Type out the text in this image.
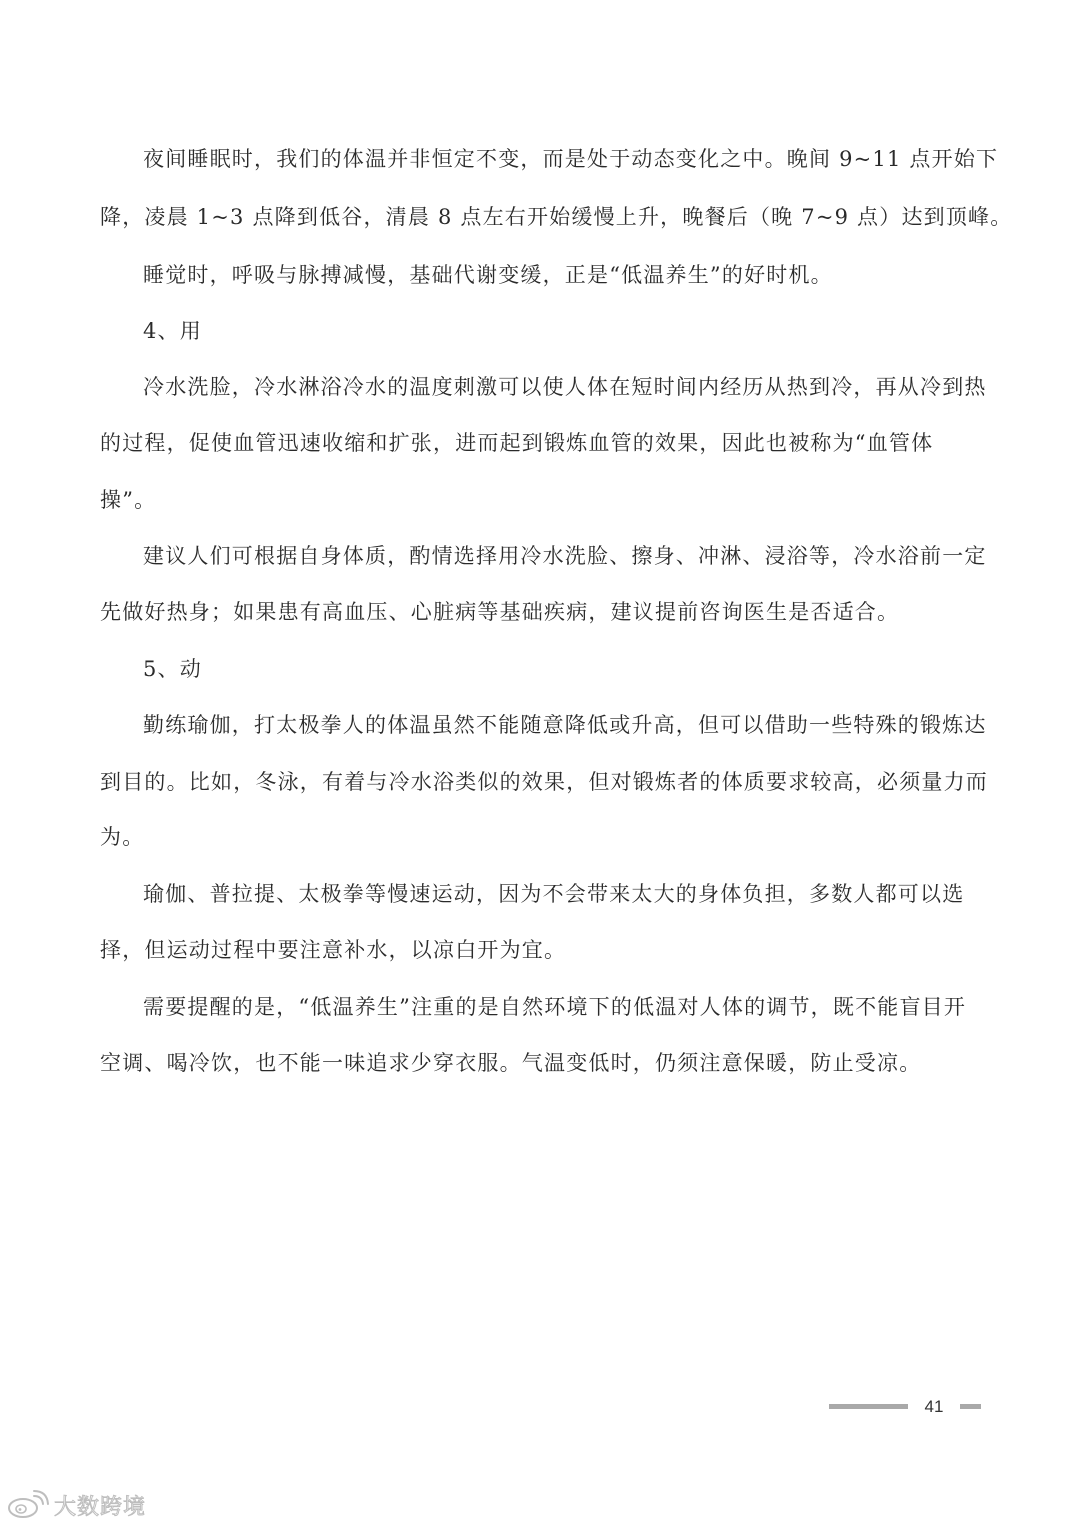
夜间睡眠时，我们的体温并非恒定不变，而是处于动态变化之中。晚间 9~11 点开始下
降，凌晨 1~3 点降到低谷，清晨 8 点左右开始缓慢上升，晚餐后（晚 7~9 点）达到顶峰。
睡觉时，呼吸与脉搏减慢，基础代谢变缓，正是“低温养生”的好时机。
4、用
冷水洗脸，冷水淋浴冷水的温度刺激可以使人体在短时间内经历从热到冷，再从冷到热
的过程，促使血管迅速收缩和扩张，进而起到锻炼血管的效果，因此也被称为“血管体
操”。
建议人们可根据自身体质，酌情选择用冷水洗脸、擦身、冲淋、浸浴等，冷水浴前一定
先做好热身；如果患有高血压、心脏病等基础疾病，建议提前咨询医生是否适合。
5、动
勤练瑜伽，打太极拳人的体温虽然不能随意降低或升高，但可以借助一些特殊的锻炼达
到目的。比如，冬泳，有着与冷水浴类似的效果，但对锻炼者的体质要求较高，必须量力而
为。
瑜伽、普拉提、太极拳等慢速运动，因为不会带来太大的身体负担，多数人都可以选
择，但运动过程中要注意补水，以凉白开为宜。
需要提醒的是，“低温养生”注重的是自然环境下的低温对人体的调节，既不能盲目开
空调、喝冷饮，也不能一味追求少穿衣服。气温变低时，仍须注意保暖，防止受凉。
41
大数跨境
